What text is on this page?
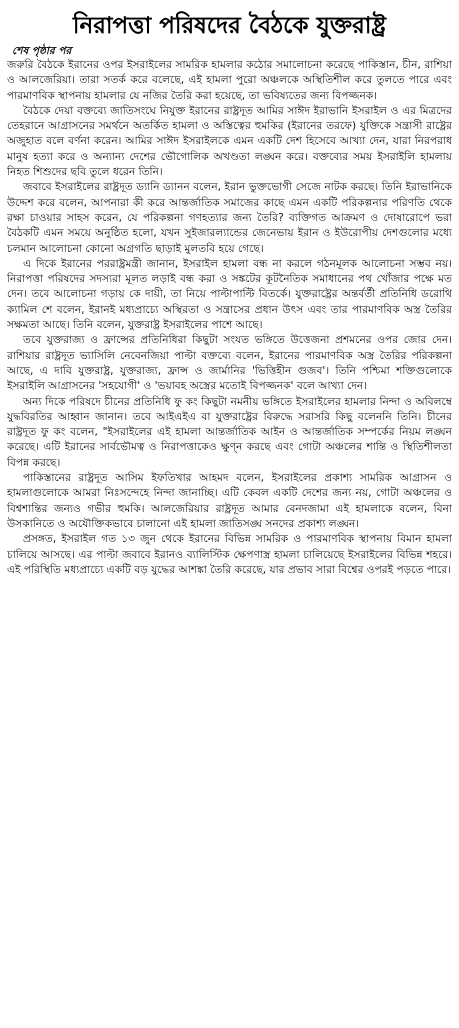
নিরাপত্তা পরিষদের বৈঠকে যুক্তরাষ্ট্র
শেষ পৃষ্ঠার পর

জরুরি বৈঠকে ইরানের ওপর ইসরাইলের সামরিক হামলার কঠোর সমালোচনা করেছে পাকিস্তান, চীন, রাশিয়া ও আলজেরিয়া। তারা সতর্ক করে বলেছে, এই হামলা পুরো অঞ্চলকে অস্থিতিশীল করে তুলতে পারে এবং পারমাণবিক স্থাপনায় হামলার যে নজির তৈরি করা হয়েছে, তা ভবিষ্যতের জন্য বিপজ্জনক।

বৈঠকে দেয়া বক্তব্যে জাতিসংঘে নিযুক্ত ইরানের রাষ্ট্রদূত আমির সাঈদ ইরাভানি ইসরাইল ও এর মিত্রদের তেহরানে আগ্রাসনের সমর্থনে অতর্কিত হামলা ও অস্তিত্বের হুমকির (ইরানের তরফে) যুক্তিকে সন্ত্রাসী রাষ্ট্রের অজুহাত বলে বর্ণনা করেন। আমির সাঈদ ইসরাইলকে এমন একটি দেশ হিসেবে আখ্যা দেন, যারা নিরপরাধ মানুষ হত্যা করে ও অন্যান্য দেশের ভৌগোলিক অখণ্ডতা লঙ্ঘন করে। বক্তব্যের সময় ইসরাইলি হামলায় নিহত শিশুদের ছবি তুলে ধরেন তিনি।

জবাবে ইসরাইলের রাষ্ট্রদূত ড্যানি ড্যানন বলেন, ইরান ভুক্তভোগী সেজে নাটক করছে। তিনি ইরাভানিকে উদ্দেশ করে বলেন, আপনারা কী করে আন্তর্জাতিক সমাজের কাছে এমন একটি পরিকল্পনার পরিণতি থেকে রক্ষা চাওয়ার সাহস করেন, যে পরিকল্পনা গণহত্যার জন্য তৈরি? ব্যক্তিগত আক্রমণ ও দোষারোপে ভরা বৈঠকটি এমন সময়ে অনুষ্ঠিত হলো, যখন সুইজারল্যান্ডের জেনেভায় ইরান ও ইউরোপীয় দেশগুলোর মধ্যে চলমান আলোচনা কোনো অগ্রগতি ছাড়াই মুলতবি হয়ে গেছে।

এ দিকে ইরানের পররাষ্ট্রমন্ত্রী জানান, ইসরাইল হামলা বন্ধ না করলে গঠনমূলক আলোচনা সম্ভব নয়। নিরাপত্তা পরিষদের সদস্যরা মূলত লড়াই বন্ধ করা ও সঙ্কটের কূটনৈতিক সমাধানের পথ খোঁজার পক্ষে মত দেন। তবে আলোচনা গড়ায় কে দায়ী, তা নিয়ে পাল্টাপাল্টি বিতর্কে। যুক্তরাষ্ট্রের অন্তর্বর্তী প্রতিনিধি ডরোথি ক্যামিল শে বলেন, ইরানই মধ্যপ্রাচ্যে অস্থিরতা ও সন্ত্রাসের প্রধান উৎস এবং তার পারমাণবিক অস্ত্র তৈরির সক্ষমতা আছে। তিনি বলেন, যুক্তরাষ্ট্র ইসরাইলের পাশে আছে।

তবে যুক্তরাজ্য ও ফ্রান্সের প্রতিনিধিরা কিছুটা সংযত ভঙ্গিতে উত্তেজনা প্রশমনের ওপর জোর দেন। রাশিয়ার রাষ্ট্রদূত ভ্যাসিলি নেবেনজিয়া পাল্টা বক্তব্যে বলেন, ইরানের পারমাণবিক অস্ত্র তৈরির পরিকল্পনা আছে, এ দাবি যুক্তরাষ্ট্র, যুক্তরাজ্য, ফ্রান্স ও জার্মানির 'ভিত্তিহীন গুজব'। তিনি পশ্চিমা শক্তিগুলোকে ইসরাইলি আগ্রাসনের 'সহযোগী' ও 'ভয়াবহ অস্ত্রের মতোই বিপজ্জনক' বলে আখ্যা দেন।

অন্য দিকে পরিষদে চীনের প্রতিনিধি ফু কং কিছুটা নমনীয় ভঙ্গিতে ইসরাইলের হামলার নিন্দা ও অবিলম্বে যুদ্ধবিরতির আহ্বান জানান। তবে আইএইএ বা যুক্তরাষ্ট্রের বিরুদ্ধে সরাসরি কিছু বলেননি তিনি। চীনের রাষ্ট্রদূত ফু কং বলেন, "ইসরাইলের এই হামলা আন্তর্জাতিক আইন ও আন্তর্জাতিক সম্পর্কের নিয়ম লঙ্ঘন করেছে। এটি ইরানের সার্বভৌমত্ব ও নিরাপত্তাকেও ক্ষুণ্ন করছে এবং গোটা অঞ্চলের শান্তি ও স্থিতিশীলতা বিপন্ন করছে।

পাকিস্তানের রাষ্ট্রদূত আসিম ইফতিখার আহমদ বলেন, ইসরাইলের প্রকাশ্য সামরিক আগ্রাসন ও হামলাগুলোকে আমরা নিঃসন্দেহে নিন্দা জানাচ্ছি। এটি কেবল একটি দেশের জন্য নয়, গোটা অঞ্চলের ও বিশ্বশান্তির জন্যও গভীর হুমকি। আলজেরিয়ার রাষ্ট্রদূত আমার বেনদজামা এই হামলাকে বলেন, বিনা উসকানিতে ও অযৌক্তিকভাবে চালানো এই হামলা জাতিসঙ্ঘ সনদের প্রকাশ্য লঙ্ঘন।

প্রসঙ্গত, ইসরাইল গত ১৩ জুন থেকে ইরানের বিভিন্ন সামরিক ও পারমাণবিক স্থাপনায় বিমান হামলা চালিয়ে আসছে। এর পাল্টা জবাবে ইরানও ব্যালিস্টিক ক্ষেপণাস্ত্র হামলা চালিয়েছে ইসরাইলের বিভিন্ন শহরে। এই পরিস্থিতি মধ্যপ্রাচ্যে একটি বড় যুদ্ধের আশঙ্কা তৈরি করেছে, যার প্রভাব সারা বিশ্বের ওপরই পড়তে পারে।
